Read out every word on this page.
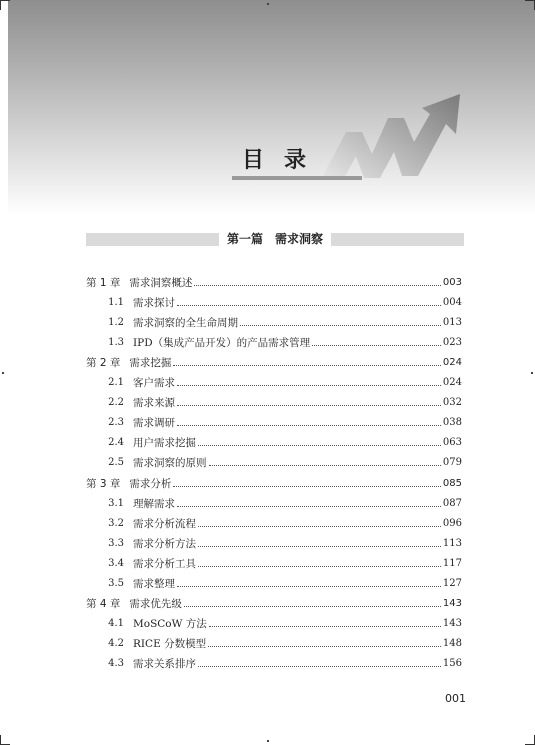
目录
第一篇　需求洞察
第 1 章 需求洞察概述	003
1.1 需求探讨	004
1.2 需求洞察的全生命周期	013
1.3 IPD（集成产品开发）的产品需求管理	023
第 2 章 需求挖掘	024
2.1 客户需求	024
2.2 需求来源	032
2.3 需求调研	038
2.4 用户需求挖掘	063
2.5 需求洞察的原则	079
第 3 章 需求分析	085
3.1 理解需求	087
3.2 需求分析流程	096
3.3 需求分析方法	113
3.4 需求分析工具	117
3.5 需求整理	127
第 4 章 需求优先级	143
4.1 MoSCoW 方法	143
4.2 RICE 分数模型	148
4.3 需求关系排序	156
001
